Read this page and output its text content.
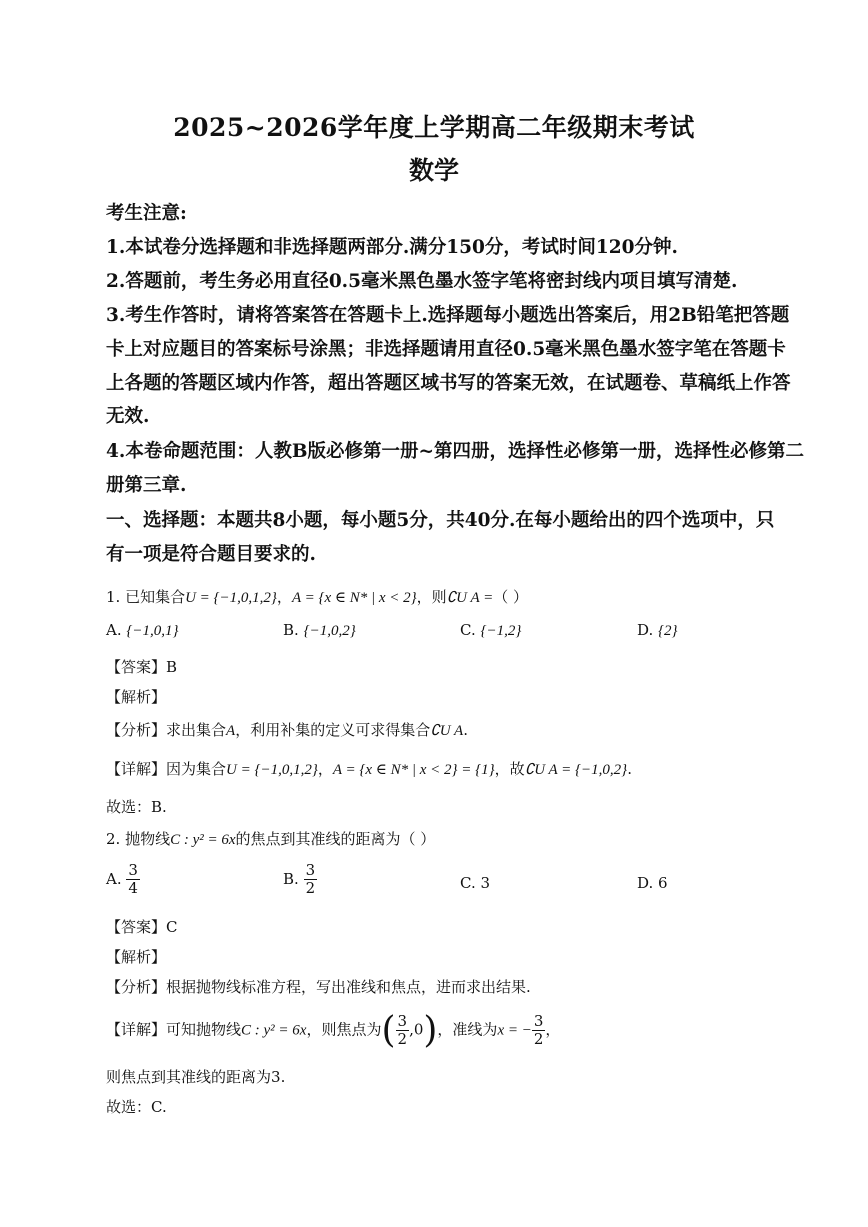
2025~2026学年度上学期高二年级期末考试
数学
考生注意:
1.本试卷分选择题和非选择题两部分.满分150分，考试时间120分钟.
2.答题前，考生务必用直径0.5毫米黑色墨水签字笔将密封线内项目填写清楚.
3.考生作答时，请将答案答在答题卡上.选择题每小题选出答案后，用2B铅笔把答题
卡上对应题目的答案标号涂黑；非选择题请用直径0.5毫米黑色墨水签字笔在答题卡
上各题的答题区域内作答，超出答题区域书写的答案无效，在试题卷、草稿纸上作答
无效.
4.本卷命题范围：人教B版必修第一册~第四册，选择性必修第一册，选择性必修第二
册第三章.
一、选择题：本题共8小题，每小题5分，共40分.在每小题给出的四个选项中，只
有一项是符合题目要求的.
1. 已知集合U = {−1,0,1,2}，A = {x ∈ N* | x < 2}，则∁U A =（ ）
A. {−1,0,1}	B. {−1,0,2}	C. {−1,2}	D. {2}
【答案】B
【解析】
【分析】求出集合A，利用补集的定义可求得集合∁U A.
【详解】因为集合U = {−1,0,1,2}，A = {x ∈ N* | x < 2} = {1}，故∁U A = {−1,0,2}.
故选：B.
2. 抛物线C : y² = 6x的焦点到其准线的距离为（ ）
A. $\frac{3}{4}$	B. $\frac{3}{2}$	C. 3	D. 6
【答案】C
【解析】
【分析】根据抛物线标准方程，写出准线和焦点，进而求出结果.
【详解】可知抛物线C : y² = 6x，则焦点为( $\frac{3}{2} ,0$)，准线为x = − $\frac{3}{2}$ ，
则焦点到其准线的距离为3.
故选：C.
